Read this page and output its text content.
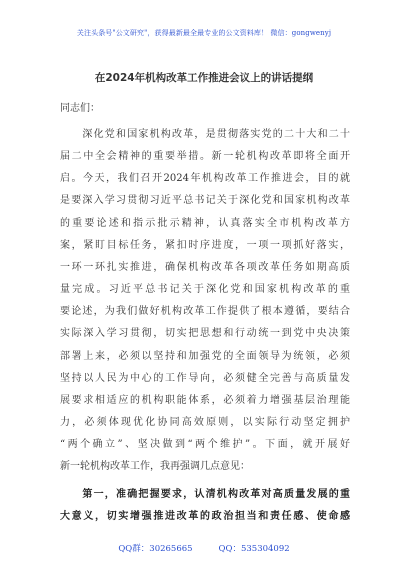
关注头条号"公文研究"，获得最新最全最专业的公文资料库！ 微信：gongwenyj
在2024年机构改革工作推进会议上的讲话提纲
同志们：
　　深化党和国家机构改革，是贯彻落实党的二十大和二十
届二中全会精神的重要举措。新一轮机构改革即将全面开
启。今天，我们召开2024年机构改革工作推进会，目的就
是要深入学习贯彻习近平总书记关于深化党和国家机构改革
的重要论述和指示批示精神，认真落实全市机构改革方
案，紧盯目标任务，紧扣时序进度，一项一项抓好落实，
一环一环扎实推进，确保机构改革各项改革任务如期高质
量完成。习近平总书记关于深化党和国家机构改革的重
要论述，为我们做好机构改革工作提供了根本遵循，要结合
实际深入学习贯彻，切实把思想和行动统一到党中央决策
部署上来，必须以坚持和加强党的全面领导为统领，必须
坚持以人民为中心的工作导向，必须健全完善与高质量发
展要求相适应的机构职能体系，必须着力增强基层治理能
力，必须体现优化协同高效原则，以实际行动坚定拥护
“两个确立”、坚决做到“两个维护”。下面，就开展好
新一轮机构改革工作，我再强调几点意见：
　　第一，准确把握要求，认清机构改革对高质量发展的重
大意义，切实增强推进改革的政治担当和责任感、使命感
QQ群：30265665	QQ：535304092
